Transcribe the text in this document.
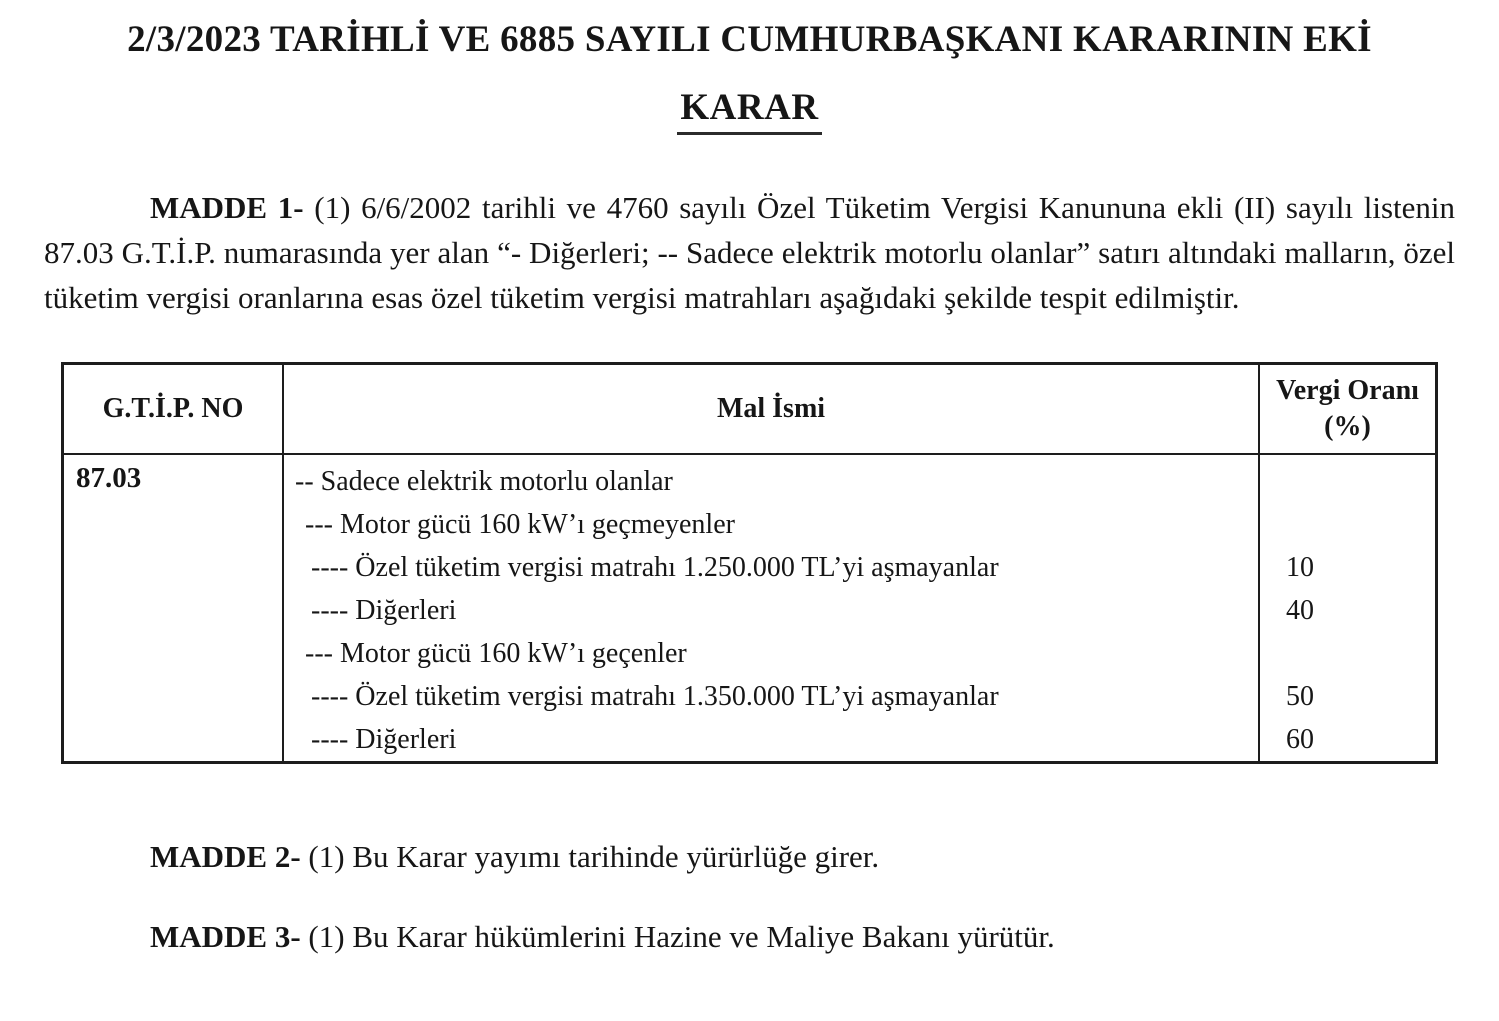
2/3/2023 TARİHLİ VE 6885 SAYILI CUMHURBAŞKANI KARARININ EKİ
KARAR
MADDE 1- (1) 6/6/2002 tarihli ve 4760 sayılı Özel Tüketim Vergisi Kanununa ekli (II) sayılı listenin 87.03 G.T.İ.P. numarasında yer alan “- Diğerleri; -- Sadece elektrik motorlu olanlar” satırı altındaki malların, özel tüketim vergisi oranlarına esas özel tüketim vergisi matrahları aşağıdaki şekilde tespit edilmiştir.
G.T.İ.P. NO	Mal İsmi
Vergi Oranı
(%)
87.03	-- Sadece elektrik motorlu olanlar
--- Motor gücü 160 kW’ı geçmeyenler
---- Özel tüketim vergisi matrahı 1.250.000 TL’yi aşmayanlar
---- Diğerleri
--- Motor gücü 160 kW’ı geçenler
---- Özel tüketim vergisi matrahı 1.350.000 TL’yi aşmayanlar
---- Diğerleri
10
40
50
60
MADDE 2- (1) Bu Karar yayımı tarihinde yürürlüğe girer.
MADDE 3- (1) Bu Karar hükümlerini Hazine ve Maliye Bakanı yürütür.
